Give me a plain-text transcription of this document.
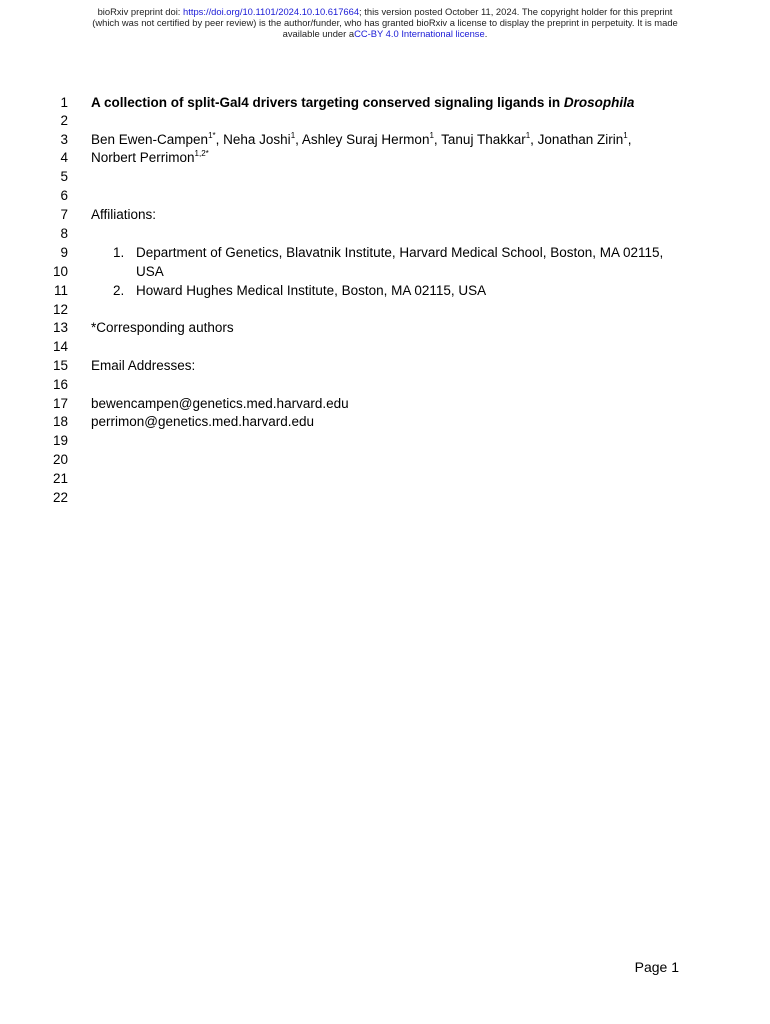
bioRxiv preprint doi: https://doi.org/10.1101/2024.10.10.617664; this version posted October 11, 2024. The copyright holder for this preprint
(which was not certified by peer review) is the author/funder, who has granted bioRxiv a license to display the preprint in perpetuity. It is made
available under aCC-BY 4.0 International license.
1
2
3
4
5
6
7
8
9
10
11
12
13
14
15
16
17
18
19
20
21
22
A collection of split-Gal4 drivers targeting conserved signaling ligands in Drosophila
Ben Ewen-Campen$^{1*}$, Neha Joshi$^1$, Ashley Suraj Hermon$^1$, Tanuj Thakkar$^1$, Jonathan Zirin$^1$,
Norbert Perrimon$^{1,2*}$
Affiliations:
1. Department of Genetics, Blavatnik Institute, Harvard Medical School, Boston, MA 02115,
USA
2. Howard Hughes Medical Institute, Boston, MA 02115, USA
*Corresponding authors
Email Addresses:
bewencampen@genetics.med.harvard.edu
perrimon@genetics.med.harvard.edu
Page 1
